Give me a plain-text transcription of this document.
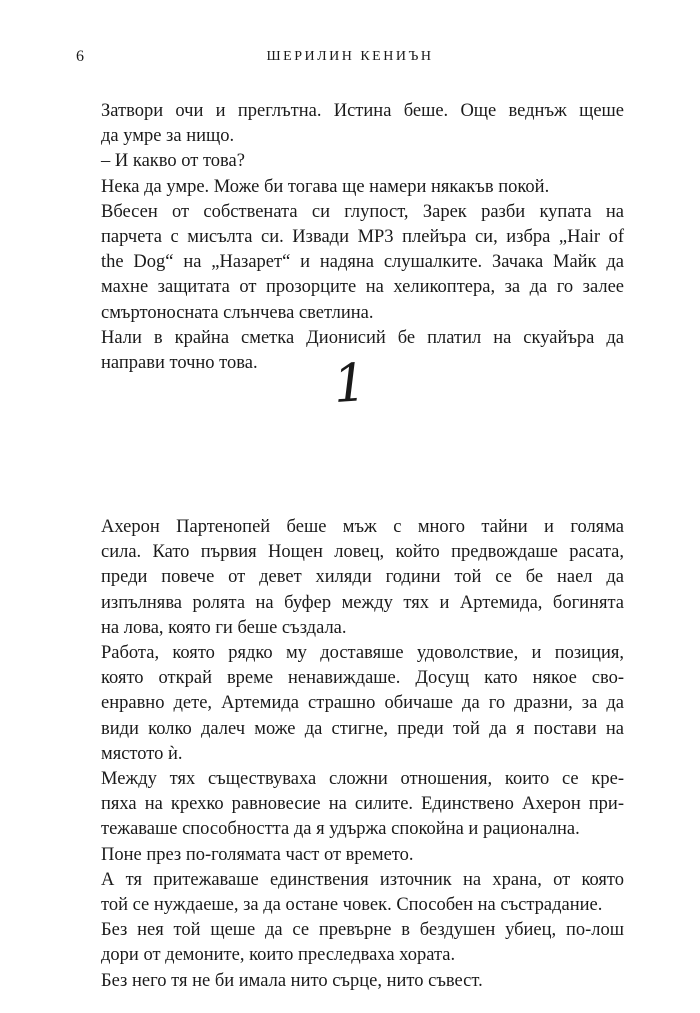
6	ШЕРИЛИН КЕНИЪН

Затвори очи и преглътна. Истина беше. Още веднъж щеше
да умре за нищо.

– И какво от това?

Нека да умре. Може би тогава ще намери някакъв покой.

Вбесен от собствената си глупост, Зарек разби купата на
парчета с мисълта си. Извади МР3 плейъра си, избра „Hair of
the Dog“ на „Назарет“ и надяна слушалките. Зачака Майк да
махне защитата от прозорците на хеликоптера, за да го залее
смъртоносната слънчева светлина.

Нали в крайна сметка Дионисий бе платил на скуайъра да
направи точно това.	1

Ахерон Партенопей беше мъж с много тайни и голяма
сила. Като първия Нощен ловец, който предвождаше расата,
преди повече от девет хиляди години той се бе наел да
изпълнява ролята на буфер между тях и Артемида, богинята
на лова, която ги беше създала.

Работа, която рядко му доставяше удоволствие, и позиция,
която открай време ненавиждаше. Досущ като някое сво-
енравно дете, Артемида страшно обичаше да го дразни, за да
види колко далеч може да стигне, преди той да я постави на
мястото ѝ.

Между тях съществуваха сложни отношения, които се кре-
пяха на крехко равновесие на силите. Единствено Ахерон при-
тежаваше способността да я удържа спокойна и рационална.

Поне през по-голямата част от времето.

А тя притежаваше единствения източник на храна, от която
той се нуждаеше, за да остане човек. Способен на състрадание.

Без нея той щеше да се превърне в бездушен убиец, по-лош
дори от демоните, които преследваха хората.

Без него тя не би имала нито сърце, нито съвест.
